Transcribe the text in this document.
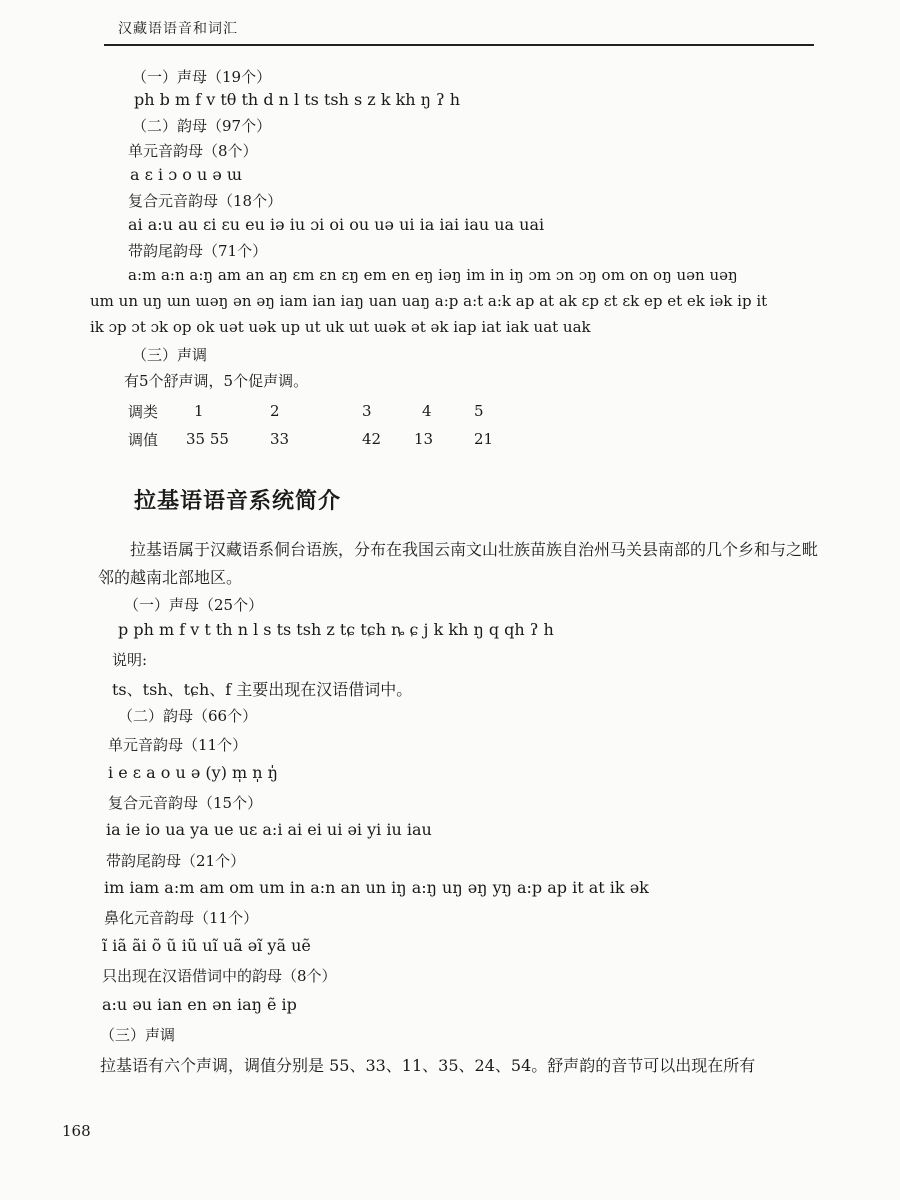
汉藏语语音和词汇
（一）声母（19个）
ph b m f v tθ th d n l ts tsh s z k kh ŋ ʔ h
（二）韵母（97个）
单元音韵母（8个）
a ɛ i ɔ o u ə ɯ
复合元音韵母（18个）
ai a:u au ɛi ɛu eu iə iu ɔi oi ou uə ui ia iai iau ua uai
带韵尾韵母（71个）
a:m a:n a:ŋ am an aŋ ɛm ɛn ɛŋ em en eŋ iəŋ im in iŋ ɔm ɔn ɔŋ om on oŋ uən uəŋ
um un uŋ ɯn ɯəŋ ən əŋ iam ian iaŋ uan uaŋ a:p a:t a:k ap at ak ɛp ɛt ɛk ep et ek iək ip it
ik ɔp ɔt ɔk op ok uət uək up ut uk ɯt ɯək ət ək iap iat iak uat uak
（三）声调
有5个舒声调，5个促声调。
调类	1	2	3	4	5
调值	35 55	33	42	13	21
拉基语语音系统简介
拉基语属于汉藏语系侗台语族，分布在我国云南文山壮族苗族自治州马关县南部的几个乡和与之毗邻的越南北部地区。
（一）声母（25个）
p ph m f v t th n l s ts tsh z tɕ tɕh ȵ ɕ j k kh ŋ q qh ʔ h
说明:
ts、tsh、tɕh、f 主要出现在汉语借词中。
（二）韵母（66个）
单元音韵母（11个）
i e ɛ a o u ə (y) m̩ n̩ ŋ̍
复合元音韵母（15个）
ia ie io ua ya ue uɛ a:i ai ei ui əi yi iu iau
带韵尾韵母（21个）
im iam a:m am om um in a:n an un iŋ a:ŋ uŋ əŋ yŋ a:p ap it at ik ək
鼻化元音韵母（11个）
ĩ iã ãi õ ũ iũ uĩ uã əĩ yã uẽ
只出现在汉语借词中的韵母（8个）
a:u əu ian en ən iaŋ ẽ ip
（三）声调
拉基语有六个声调，调值分别是 55、33、11、35、24、54。舒声韵的音节可以出现在所有
168
